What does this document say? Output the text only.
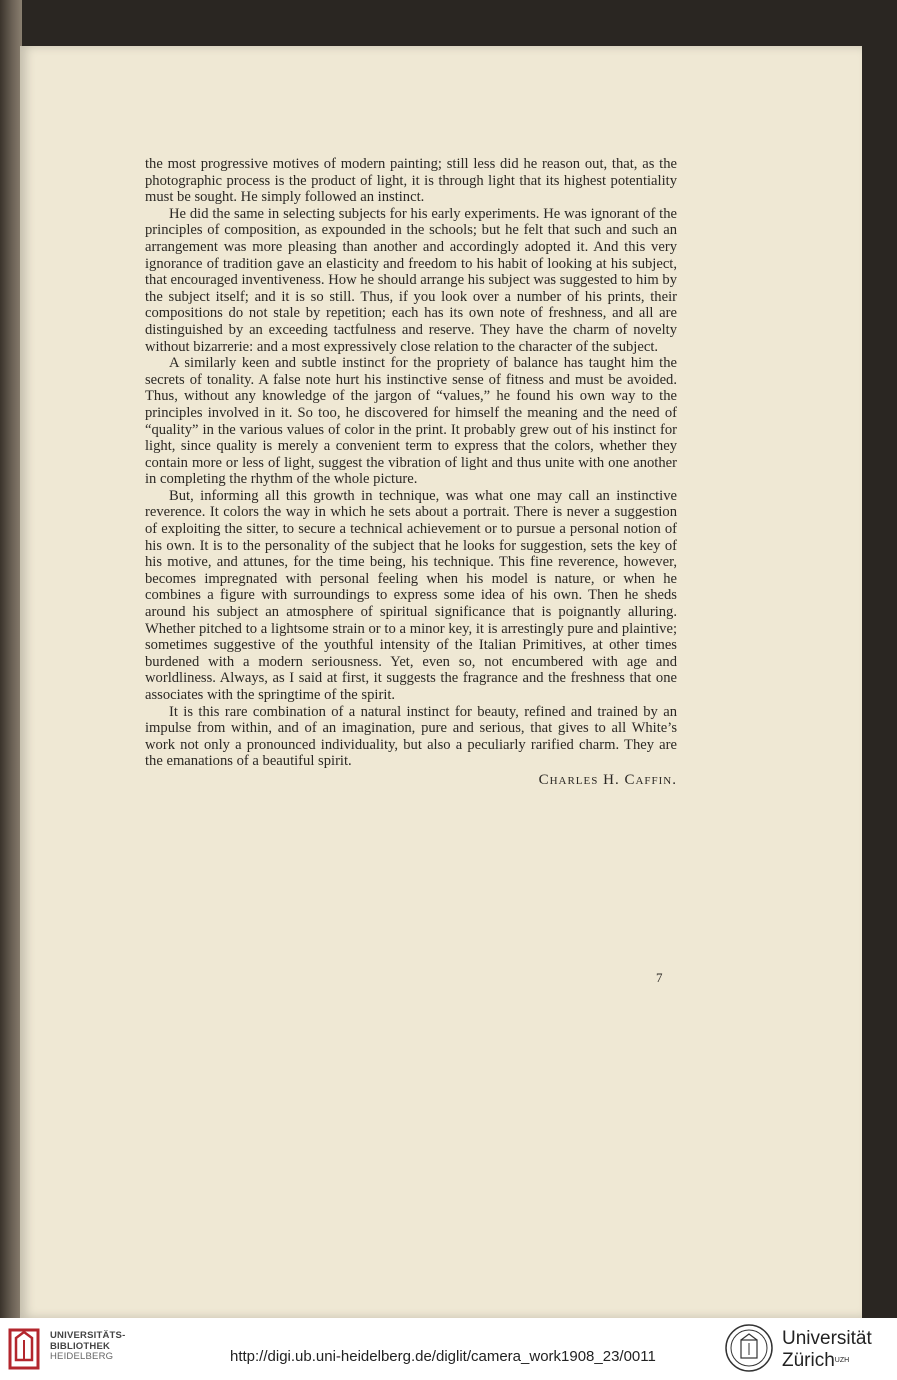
the most progressive motives of modern painting; still less did he reason out, that, as the photographic process is the product of light, it is through light that its highest potentiality must be sought. He simply followed an instinct.

He did the same in selecting subjects for his early experiments. He was ignorant of the principles of composition, as expounded in the schools; but he felt that such and such an arrangement was more pleasing than another and accordingly adopted it. And this very ignorance of tradition gave an elasticity and freedom to his habit of looking at his subject, that encouraged inventiveness. How he should arrange his subject was suggested to him by the subject itself; and it is so still. Thus, if you look over a number of his prints, their compositions do not stale by repetition; each has its own note of freshness, and all are distinguished by an exceeding tactfulness and reserve. They have the charm of novelty without bizarrerie: and a most expressively close relation to the character of the subject.

A similarly keen and subtle instinct for the propriety of balance has taught him the secrets of tonality. A false note hurt his instinctive sense of fitness and must be avoided. Thus, without any knowledge of the jargon of “values,” he found his own way to the principles involved in it. So too, he discovered for himself the meaning and the need of “quality” in the various values of color in the print. It probably grew out of his instinct for light, since quality is merely a convenient term to express that the colors, whether they contain more or less of light, suggest the vibration of light and thus unite with one another in completing the rhythm of the whole picture.

But, informing all this growth in technique, was what one may call an instinctive reverence. It colors the way in which he sets about a portrait. There is never a suggestion of exploiting the sitter, to secure a technical achievement or to pursue a personal notion of his own. It is to the personality of the subject that he looks for suggestion, sets the key of his motive, and attunes, for the time being, his technique. This fine reverence, however, becomes impregnated with personal feeling when his model is nature, or when he combines a figure with surroundings to express some idea of his own. Then he sheds around his subject an atmosphere of spiritual significance that is poignantly alluring. Whether pitched to a lightsome strain or to a minor key, it is arrestingly pure and plaintive; sometimes suggestive of the youthful intensity of the Italian Primitives, at other times burdened with a modern seriousness. Yet, even so, not encumbered with age and worldliness. Always, as I said at first, it suggests the fragrance and the freshness that one associates with the springtime of the spirit.

It is this rare combination of a natural instinct for beauty, refined and trained by an impulse from within, and of an imagination, pure and serious, that gives to all White’s work not only a pronounced individuality, but also a peculiarly rarified charm. They are the emanations of a beautiful spirit.

Charles H. Caffin.
7
UNIVERSITÄTS-
BIBLIOTHEK
HEIDELBERG	http://digi.ub.uni-heidelberg.de/diglit/camera_work1908_23/0011
Universität
Zürich$^{UZH}$
